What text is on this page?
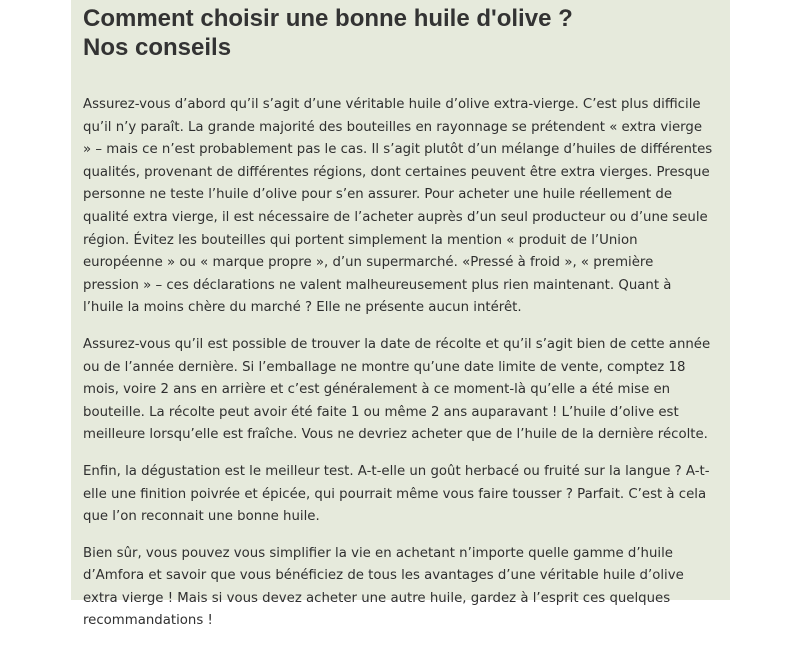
Comment choisir une bonne huile d'olive ?
Nos conseils

Assurez-vous d’abord qu’il s’agit d’une véritable huile d’olive extra-vierge. C’est plus difficile qu’il n’y paraît. La grande majorité des bouteilles en rayonnage se prétendent « extra vierge » – mais ce n’est probablement pas le cas. Il s’agit plutôt d’un mélange d’huiles de différentes qualités, provenant de différentes régions, dont certaines peuvent être extra vierges. Presque personne ne teste l’huile d’olive pour s’en assurer. Pour acheter une huile réellement de qualité extra vierge, il est nécessaire de l’acheter auprès d’un seul producteur ou d’une seule région. Évitez les bouteilles qui portent simplement la mention « produit de l’Union européenne » ou « marque propre », d’un supermarché. «Pressé à froid », « première pression » – ces déclarations ne valent malheureusement plus rien maintenant. Quant à l’huile la moins chère du marché ? Elle ne présente aucun intérêt.

Assurez-vous qu’il est possible de trouver la date de récolte et qu’il s’agit bien de cette année ou de l’année dernière. Si l’emballage ne montre qu’une date limite de vente, comptez 18 mois, voire 2 ans en arrière et c’est généralement à ce moment-là qu’elle a été mise en bouteille. La récolte peut avoir été faite 1 ou même 2 ans auparavant ! L’huile d’olive est meilleure lorsqu’elle est fraîche. Vous ne devriez acheter que de l’huile de la dernière récolte.

Enfin, la dégustation est le meilleur test. A-t-elle un goût herbacé ou fruité sur la langue ? A-t-elle une finition poivrée et épicée, qui pourrait même vous faire tousser ? Parfait. C’est à cela que l’on reconnait une bonne huile.

Bien sûr, vous pouvez vous simplifier la vie en achetant n’importe quelle gamme d’huile d’Amfora et savoir que vous bénéficiez de tous les avantages d’une véritable huile d’olive extra vierge ! Mais si vous devez acheter une autre huile, gardez à l’esprit ces quelques recommandations !
